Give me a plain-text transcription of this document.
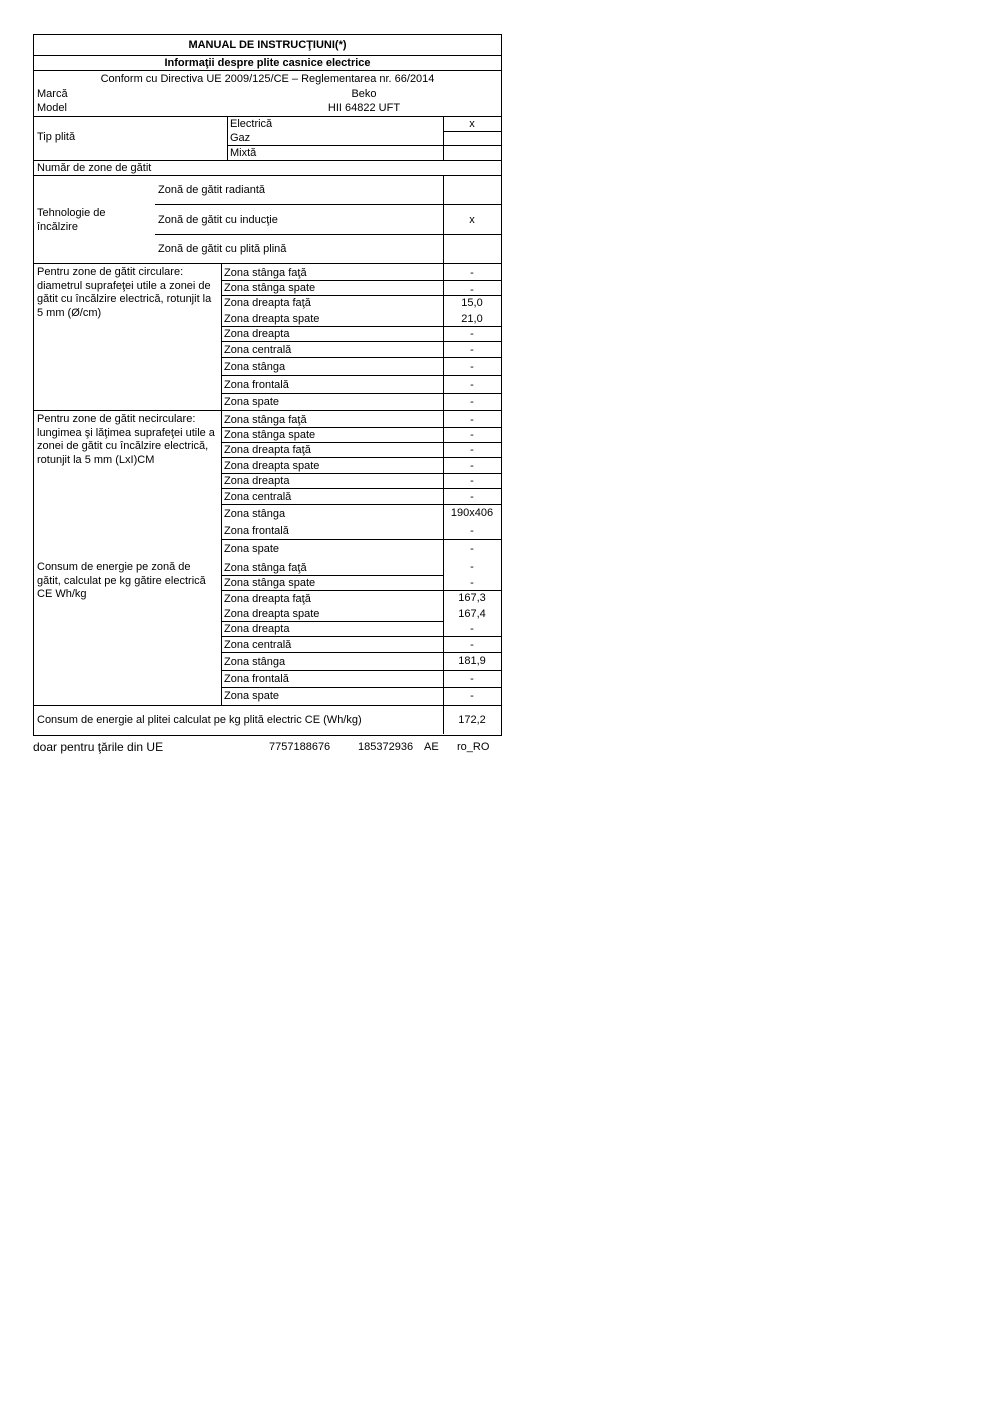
MANUAL DE INSTRUCŢIUNI(*)
Informaţii despre plite casnice electrice
Conform cu Directiva UE 2009/125/CE – Reglementarea nr. 66/2014
Marcă	Beko
Model	HII 64822 UFT
Tip plită
Electrică	x
Gaz
Mixtă
Număr de zone de gătit
Tehnologie de încălzire
Zonă de gătit radiantă
Zonă de gătit cu inducţie	x
Zonă de gătit cu plită plină
Pentru zone de gătit circulare: diametrul suprafeţei utile a zonei de gătit cu încălzire electrică, rotunjit la 5 mm (Ø/cm)
Zona stânga faţă	-
Zona stânga spate	-
Zona dreapta faţă	15,0
Zona dreapta spate	21,0
Zona dreapta	-
Zona centrală	-
Zona stânga	-
Zona frontală	-
Zona spate	-
Pentru zone de gătit necirculare: lungimea şi lăţimea suprafeţei utile a zonei de gătit cu încălzire electrică, rotunjit la 5 mm (LxI)CM
Zona stânga faţă	-
Zona stânga spate	-
Zona dreapta faţă	-
Zona dreapta spate	-
Zona dreapta	-
Zona centrală	-
Zona stânga	190x406
Zona frontală	-
Zona spate	-
Consum de energie pe zonă de gătit, calculat pe kg gătire electrică CE Wh/kg
Zona stânga faţă	-
Zona stânga spate	-
Zona dreapta faţă	167,3
Zona dreapta spate	167,4
Zona dreapta	-
Zona centrală	-
Zona stânga	181,9
Zona frontală	-
Zona spate	-
Consum de energie al plitei calculat pe kg plită electric CE (Wh/kg)	172,2
doar pentru ţările din UE	7757188676	185372936 AE ro_RO
